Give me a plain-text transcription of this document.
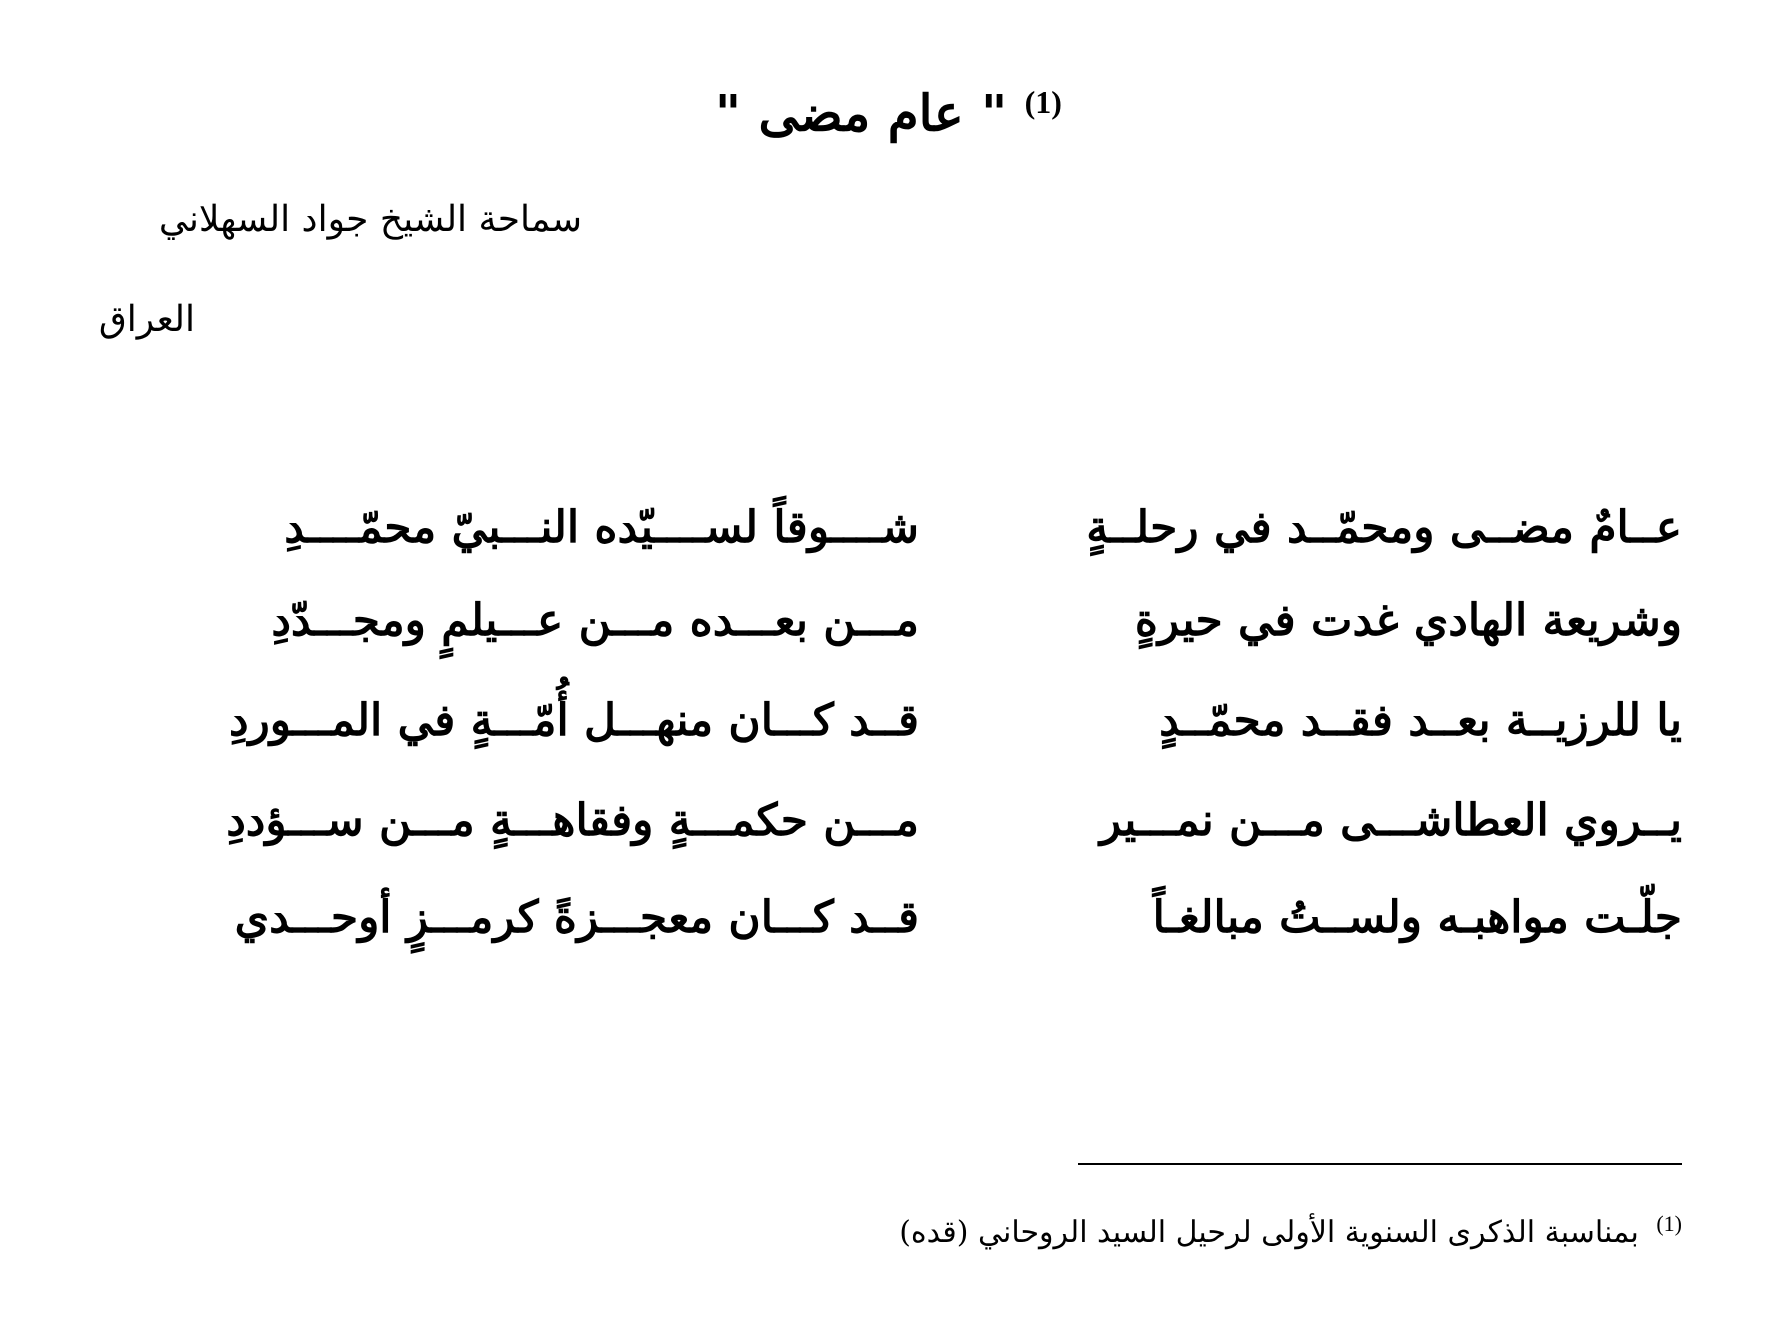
" عام مضى " $^{(1)}$
سماحة الشيخ جواد السهلاني
العراق
عــامٌ مضــى ومحمّــد في رحلــةٍ
شــــوقاً لســــيّده النـــبيّ محمّــــدِ
وشريعة الهادي غدت في حيرةٍ
مـــن بعـــده مـــن عـــيلمٍ ومجـــدّدِ
يا للرزيــة بعــد فقــد محمّــدٍ
قــد كـــان منهـــل أُمّـــةٍ في المـــوردِ
يــروي العطاشـــى مـــن نمـــير
مـــن حكمـــةٍ وفقاهـــةٍ مـــن ســـؤددِ
جلّـت مواهبـه ولســتُ مبالغـاً
قــد كـــان معجـــزةً كرمـــزٍ أوحـــدي
$^{(1)}$ بمناسبة الذكرى السنوية الأولى لرحيل السيد الروحاني (قده)
